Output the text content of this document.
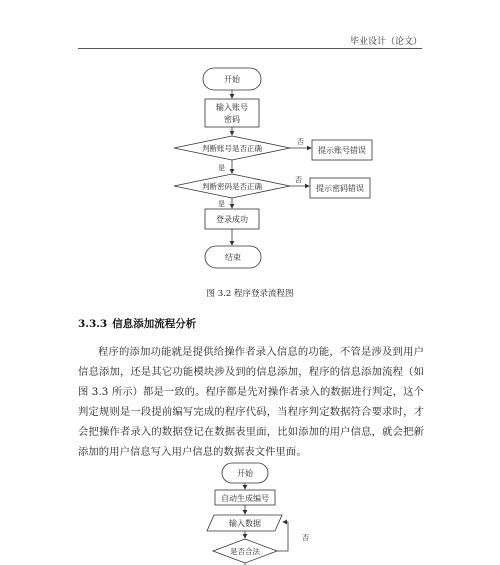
毕业设计（论文）
开始
输入账号
密码
判断账号是否正确	提示账号错误
否
是
判断密码是否正确	提示密码错误
否
是
登录成功
结束
开始
自动生成编号
输入数据
是否合法
否
图 3.2 程序登录流程图
3.3.3 信息添加流程分析

程序的添加功能就是提供给操作者录入信息的功能，不管是涉及到用户信息添加，还是其它功能模块涉及到的信息添加，程序的信息添加流程（如图 3.3 所示）都是一致的。程序都是先对操作者录入的数据进行判定，这个判定规则是一段提前编写完成的程序代码，当程序判定数据符合要求时，才会把操作者录入的数据登记在数据表里面，比如添加的用户信息，就会把新添加的用户信息写入用户信息的数据表文件里面。
